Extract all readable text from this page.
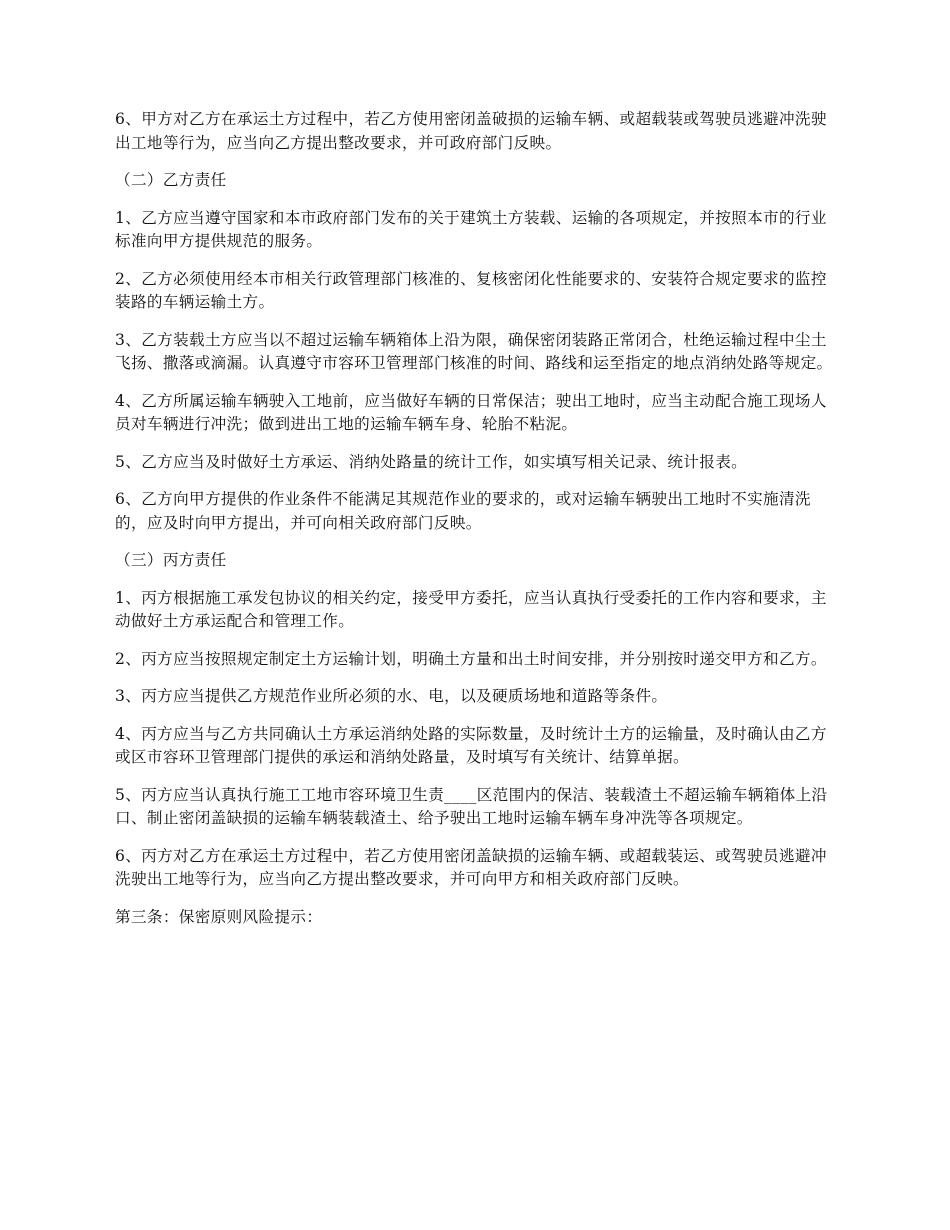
6、甲方对乙方在承运土方过程中，若乙方使用密闭盖破损的运输车辆、或超载装或驾驶员逃避冲洗驶出工地等行为，应当向乙方提出整改要求，并可政府部门反映。

（二）乙方责任

1、乙方应当遵守国家和本市政府部门发布的关于建筑土方装载、运输的各项规定，并按照本市的行业标准向甲方提供规范的服务。

2、乙方必须使用经本市相关行政管理部门核准的、复核密闭化性能要求的、安装符合规定要求的监控装路的车辆运输土方。

3、乙方装载土方应当以不超过运输车辆箱体上沿为限，确保密闭装路正常闭合，杜绝运输过程中尘土飞扬、撒落或滴漏。认真遵守市容环卫管理部门核准的时间、路线和运至指定的地点消纳处路等规定。

4、乙方所属运输车辆驶入工地前，应当做好车辆的日常保洁；驶出工地时，应当主动配合施工现场人员对车辆进行冲洗；做到进出工地的运输车辆车身、轮胎不粘泥。

5、乙方应当及时做好土方承运、消纳处路量的统计工作，如实填写相关记录、统计报表。

6、乙方向甲方提供的作业条件不能满足其规范作业的要求的，或对运输车辆驶出工地时不实施清洗的，应及时向甲方提出，并可向相关政府部门反映。

（三）丙方责任

1、丙方根据施工承发包协议的相关约定，接受甲方委托，应当认真执行受委托的工作内容和要求，主动做好土方承运配合和管理工作。

2、丙方应当按照规定制定土方运输计划，明确土方量和出土时间安排，并分别按时递交甲方和乙方。

3、丙方应当提供乙方规范作业所必须的水、电，以及硬质场地和道路等条件。

4、丙方应当与乙方共同确认土方承运消纳处路的实际数量，及时统计土方的运输量，及时确认由乙方或区市容环卫管理部门提供的承运和消纳处路量，及时填写有关统计、结算单据。

5、丙方应当认真执行施工工地市容环境卫生责____区范围内的保洁、装载渣土不超运输车辆箱体上沿口、制止密闭盖缺损的运输车辆装载渣土、给予驶出工地时运输车辆车身冲洗等各项规定。

6、丙方对乙方在承运土方过程中，若乙方使用密闭盖缺损的运输车辆、或超载装运、或驾驶员逃避冲洗驶出工地等行为，应当向乙方提出整改要求，并可向甲方和相关政府部门反映。

第三条：保密原则风险提示：
